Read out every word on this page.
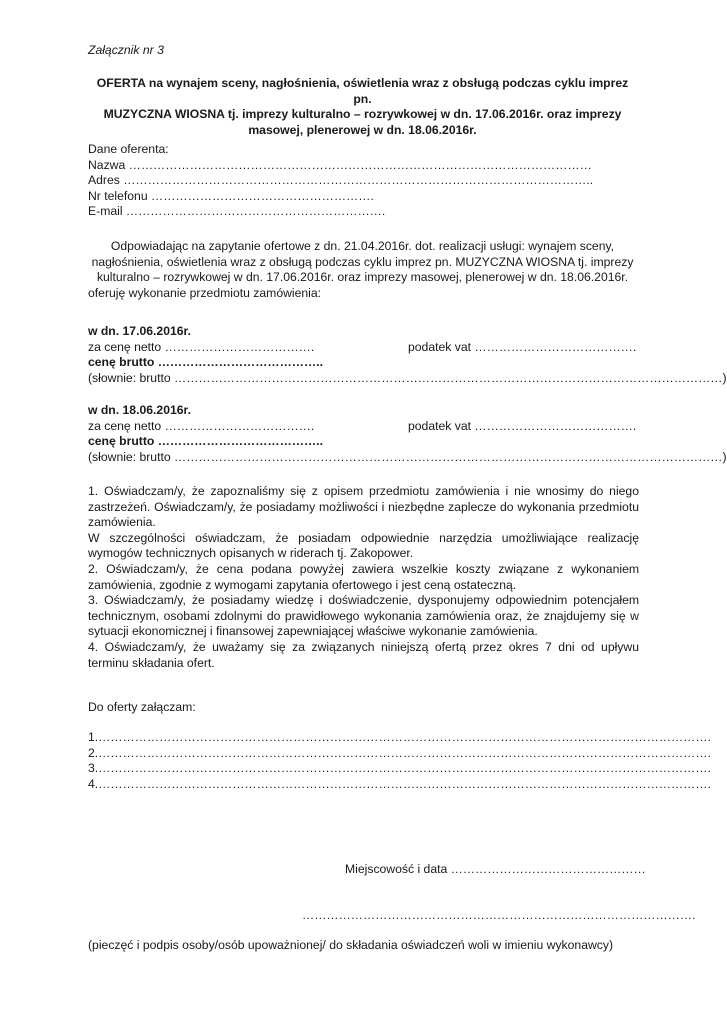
Załącznik nr 3
OFERTA na wynajem sceny, nagłośnienia, oświetlenia wraz z obsługą podczas cyklu imprez pn.
MUZYCZNA WIOSNA tj. imprezy kulturalno – rozrywkowej w dn. 17.06.2016r. oraz imprezy
masowej, plenerowej w dn. 18.06.2016r.
Dane oferenta:
Nazwa ……………………………………………………………………………………………………
Adres ……………………………………………………………………………………………………..
Nr telefonu ……………………………………………….
E-mail ……………………………………………………….
Odpowiadając na zapytanie ofertowe z dn. 21.04.2016r. dot. realizacji usługi: wynajem sceny,
nagłośnienia, oświetlenia wraz z obsługą podczas cyklu imprez pn. MUZYCZNA WIOSNA tj. imprezy
kulturalno – rozrywkowej w dn. 17.06.2016r. oraz imprezy masowej, plenerowej w dn. 18.06.2016r.
oferuję wykonanie przedmiotu zamówienia:
w dn. 17.06.2016r.
za cenę netto ……………………………….	podatek vat ………………………………….
cenę brutto …………………………………..
(słownie: brutto ………………………………………………………………………………………………………………………)
w dn. 18.06.2016r.
za cenę netto ……………………………….	podatek vat ………………………………….
cenę brutto …………………………………..
(słownie: brutto ………………………………………………………………………………………………………………………)

1. Oświadczam/y, że zapoznaliśmy się z opisem przedmiotu zamówienia i nie wnosimy do niego zastrzeżeń. Oświadczam/y, że posiadamy możliwości i niezbędne zaplecze do wykonania przedmiotu zamówienia.

W szczególności oświadczam, że posiadam odpowiednie narzędzia umożliwiające realizację wymogów technicznych opisanych w riderach tj. Zakopower.

2. Oświadczam/y, że cena podana powyżej zawiera wszelkie koszty związane z wykonaniem zamówienia, zgodnie z wymogami zapytania ofertowego i jest ceną ostateczną.

3. Oświadczam/y, że posiadamy wiedzę i doświadczenie, dysponujemy odpowiednim potencjałem technicznym, osobami zdolnymi do prawidłowego wykonania zamówienia oraz, że znajdujemy się w sytuacji ekonomicznej i finansowej zapewniającej właściwe wykonanie zamówienia.

4. Oświadczam/y, że uważamy się za związanych niniejszą ofertą przez okres 7 dni od upływu terminu składania ofert.

Do oferty załączam:
1.…………………………………………………………………………………………………………………………………….
2.…………………………………………………………………………………………………………………………………….
3.…………………………………………………………………………………………………………………………………….
4.…………………………………………………………………………………………………………………………………….
Miejscowość i data …………………………………………
…………………………………………………………………………………….
(pieczęć i podpis osoby/osób upoważnionej/ do składania oświadczeń woli w imieniu wykonawcy)
